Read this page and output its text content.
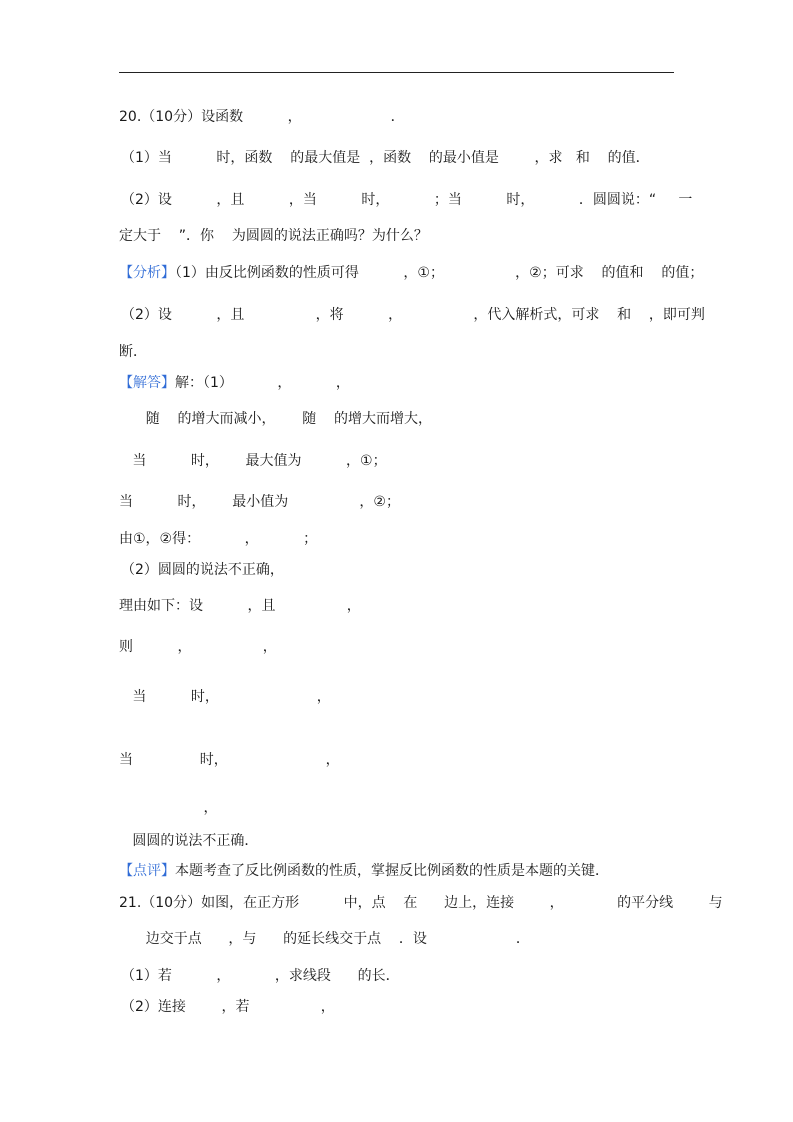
20.（10分）设函数          ，                    ．
（1）当          时，函数    的最大值是  ，函数    的最小值是        ，求   和    的值．
（2）设          ，且          ，当          时，          ；当          时，          ．圆圆说：“     一
定大于    ”．你    为圆圆的说法正确吗？为什么？
【分析】（1）由反比例函数的性质可得          ，①；                ，②；可求    的值和    的值；
（2）设          ，且                ，将          ，                ，代入解析式，可求    和    ，即可判
断．
【解答】解：（1）          ，          ，
随    的增大而减小，      随    的增大而增大，
当          时，      最大值为          ，①；
当          时，      最小值为                ，②；
由①，②得：          ，          ；
（2）圆圆的说法不正确，
理由如下：设          ，且                ，
则          ，                ，
当          时，                      ，
当               时，                      ，
，
圆圆的说法不正确．
【点评】本题考查了反比例函数的性质，掌握反比例函数的性质是本题的关键．
21.（10分）如图，在正方形          中，点    在      边上，连接        ，            的平分线        与
边交于点      ，与      的延长线交于点    ．设                    ．
（1）若          ，          ，求线段      的长．
（2）连接        ，若                ，
